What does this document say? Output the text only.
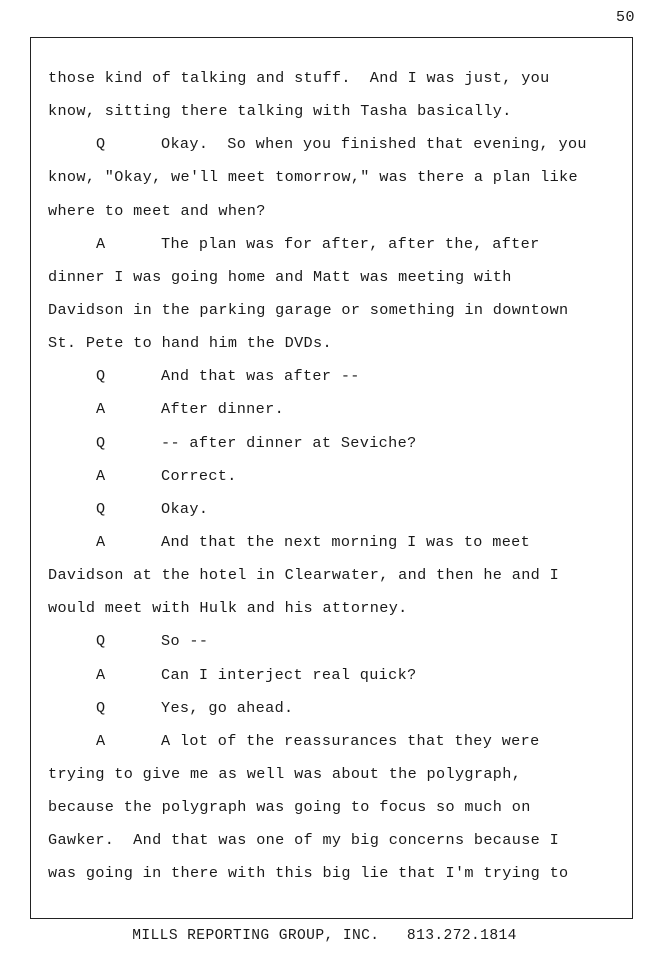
50
those kind of talking and stuff.  And I was just, you
know, sitting there talking with Tasha basically.
Q	Okay.  So when you finished that evening, you
know, "Okay, we'll meet tomorrow," was there a plan like
where to meet and when?
A	The plan was for after, after the, after
dinner I was going home and Matt was meeting with
Davidson in the parking garage or something in downtown
St. Pete to hand him the DVDs.
Q	And that was after --
A	After dinner.
Q	-- after dinner at Seviche?
A	Correct.
Q	Okay.
A	And that the next morning I was to meet
Davidson at the hotel in Clearwater, and then he and I
would meet with Hulk and his attorney.
Q	So --
A	Can I interject real quick?
Q	Yes, go ahead.
A	A lot of the reassurances that they were
trying to give me as well was about the polygraph,
because the polygraph was going to focus so much on
Gawker.  And that was one of my big concerns because I
was going in there with this big lie that I'm trying to
MILLS REPORTING GROUP, INC.   813.272.1814
